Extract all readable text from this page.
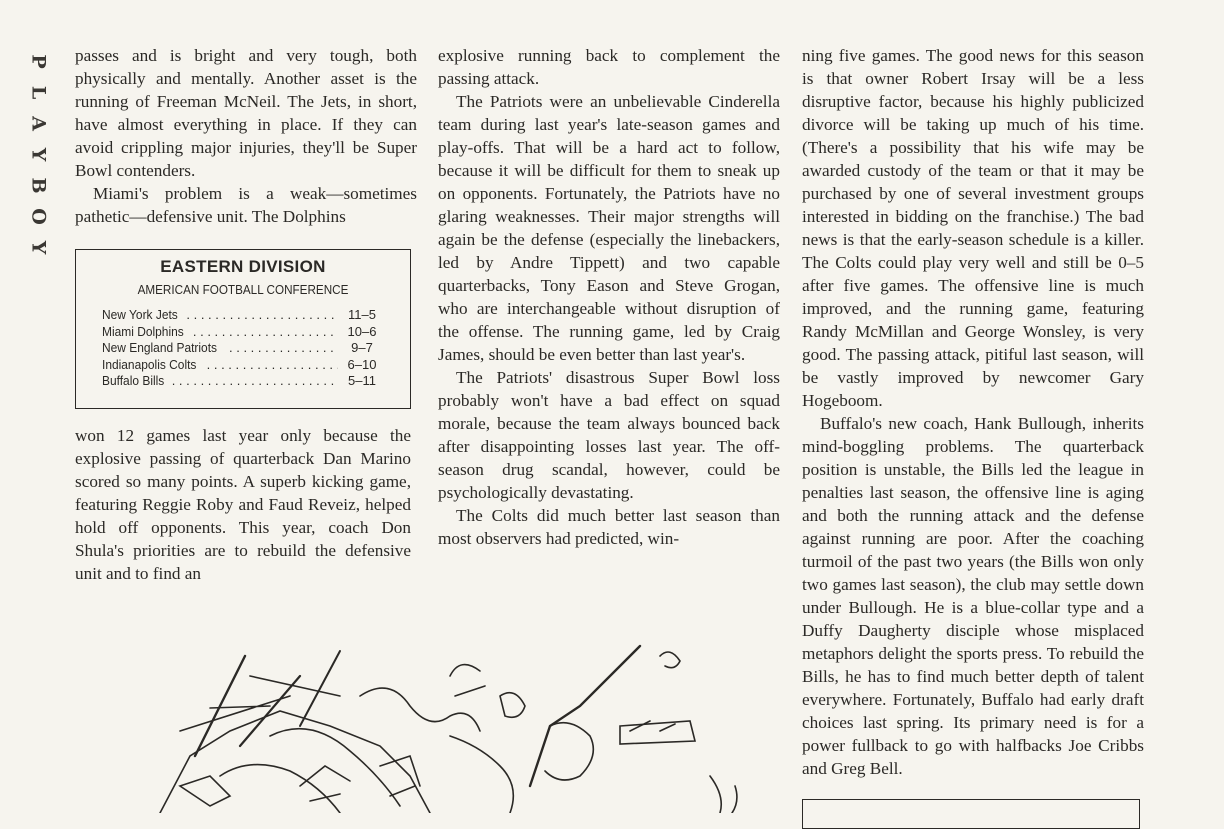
P
L
A
Y
B
O
Y

passes and is bright and very tough, both physically and mentally. Another asset is the running of Freeman McNeil. The Jets, in short, have almost everything in place. If they can avoid crippling major injuries, they'll be Super Bowl contenders.

Miami's problem is a weak—sometimes pathetic—defensive unit. The Dolphins

EASTERN DIVISION
AMERICAN FOOTBALL CONFERENCE
New York Jets . . .	11–5
Miami Dolphins . . .	10–6
New England Patriots . . .	9–7
Indianapolis Colts . . .	6–10
Buffalo Bills . . .	5–11

won 12 games last year only because the explosive passing of quarterback Dan Marino scored so many points. A superb kicking game, featuring Reggie Roby and Faud Reveiz, helped hold off opponents. This year, coach Don Shula's priorities are to rebuild the defensive unit and to find an

explosive running back to complement the passing attack.

The Patriots were an unbelievable Cinderella team during last year's late-season games and play-offs. That will be a hard act to follow, because it will be difficult for them to sneak up on opponents. Fortunately, the Patriots have no glaring weaknesses. Their major strengths will again be the defense (especially the linebackers, led by Andre Tippett) and two capable quarterbacks, Tony Eason and Steve Grogan, who are interchangeable without disruption of the offense. The running game, led by Craig James, should be even better than last year's.

The Patriots' disastrous Super Bowl loss probably won't have a bad effect on squad morale, because the team always bounced back after disappointing losses last year. The off-season drug scandal, however, could be psychologically devastating.

The Colts did much better last season than most observers had predicted, win-

ning five games. The good news for this season is that owner Robert Irsay will be a less disruptive factor, because his highly publicized divorce will be taking up much of his time. (There's a possibility that his wife may be awarded custody of the team or that it may be purchased by one of several investment groups interested in bidding on the franchise.) The bad news is that the early-season schedule is a killer. The Colts could play very well and still be 0–5 after five games. The offensive line is much improved, and the running game, featuring Randy McMillan and George Wonsley, is very good. The passing attack, pitiful last season, will be vastly improved by newcomer Gary Hogeboom.

Buffalo's new coach, Hank Bullough, inherits mind-boggling problems. The quarterback position is unstable, the Bills led the league in penalties last season, the offensive line is aging and both the running attack and the defense against running are poor. After the coaching turmoil of the past two years (the Bills won only two games last season), the club may settle down under Bullough. He is a blue-collar type and a Duffy Daugherty disciple whose misplaced metaphors delight the sports press. To rebuild the Bills, he has to find much better depth of talent everywhere. Fortunately, Buffalo had early draft choices last spring. Its primary need is for a power fullback to go with halfbacks Joe Cribbs and Greg Bell.
